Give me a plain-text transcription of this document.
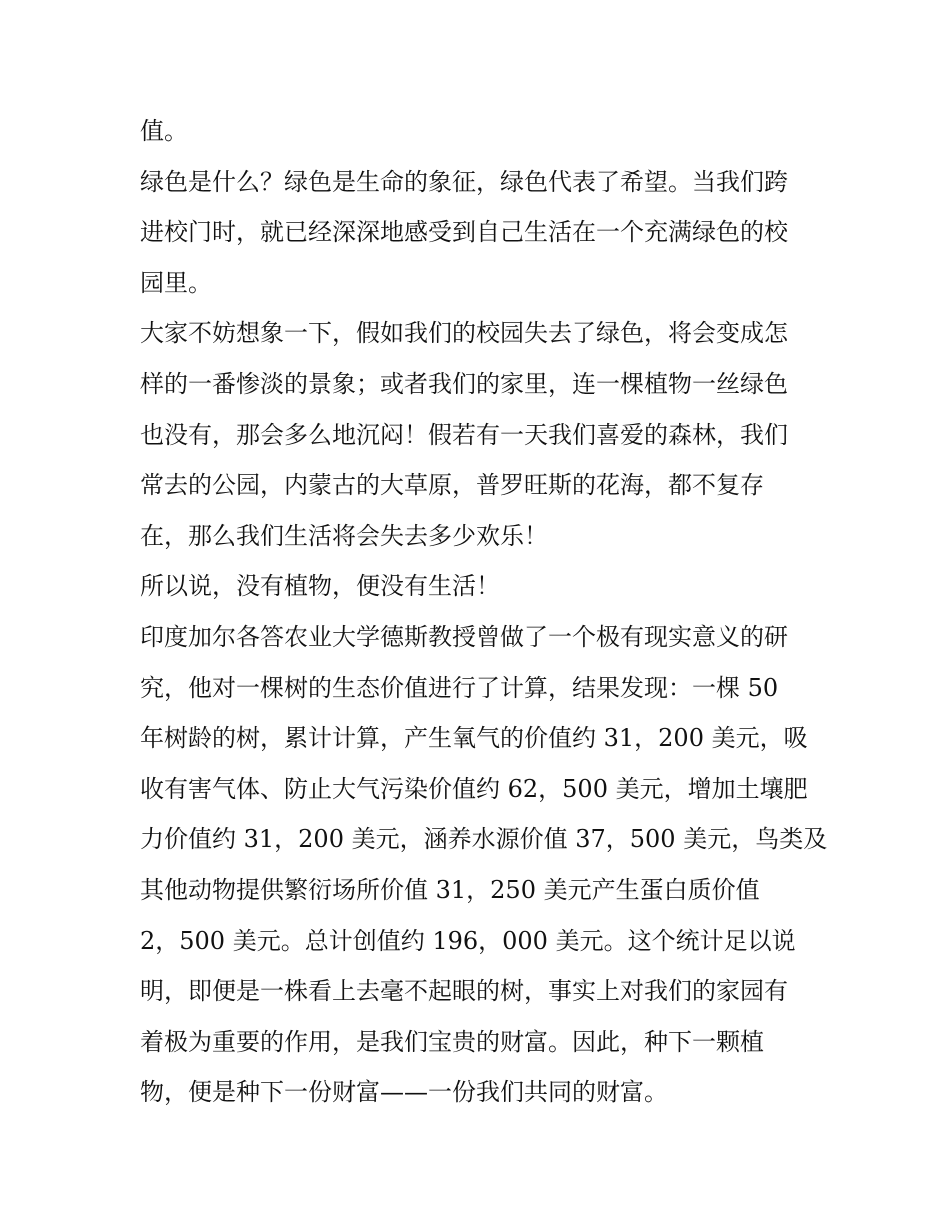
值。
绿色是什么？绿色是生命的象征，绿色代表了希望。当我们跨
进校门时，就已经深深地感受到自己生活在一个充满绿色的校
园里。
大家不妨想象一下，假如我们的校园失去了绿色，将会变成怎
样的一番惨淡的景象；或者我们的家里，连一棵植物一丝绿色
也没有，那会多么地沉闷！假若有一天我们喜爱的森林，我们
常去的公园，内蒙古的大草原，普罗旺斯的花海，都不复存
在，那么我们生活将会失去多少欢乐！
所以说，没有植物，便没有生活！
印度加尔各答农业大学德斯教授曾做了一个极有现实意义的研
究，他对一棵树的生态价值进行了计算，结果发现：一棵 50
年树龄的树，累计计算，产生氧气的价值约 31，200 美元，吸
收有害气体、防止大气污染价值约 62，500 美元，增加土壤肥
力价值约 31，200 美元，涵养水源价值 37，500 美元，鸟类及
其他动物提供繁衍场所价值 31，250 美元产生蛋白质价值
2，500 美元。总计创值约 196，000 美元。这个统计足以说
明，即便是一株看上去毫不起眼的树，事实上对我们的家园有
着极为重要的作用，是我们宝贵的财富。因此，种下一颗植
物，便是种下一份财富——一份我们共同的财富。
